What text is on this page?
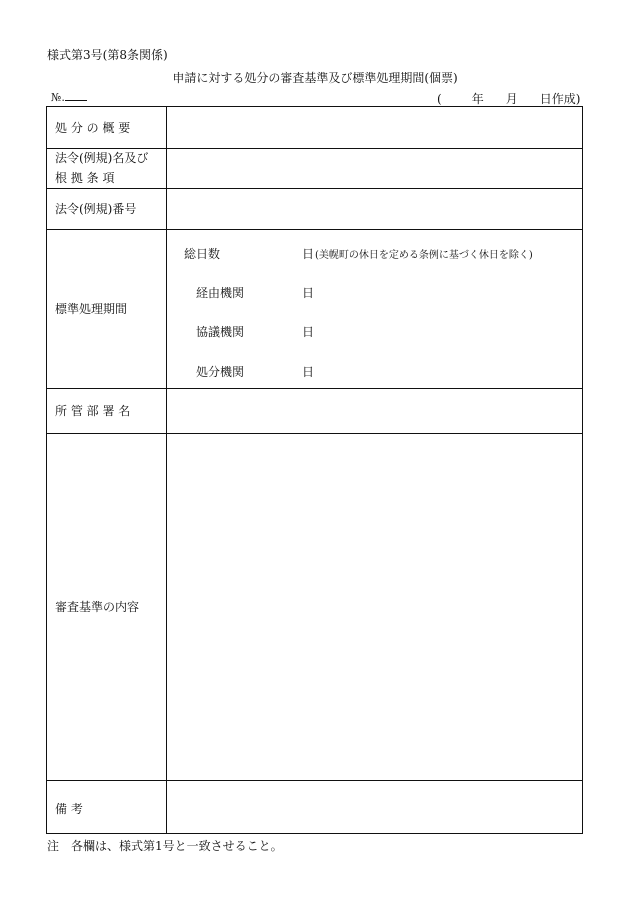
様式第3号(第8条関係)
申請に対する処分の審査基準及び標準処理期間(個票)
№.	(	年 月 日作成)
処 分 の 概 要
法令(例規)名及び
根 拠 条 項
法令(例規)番号
標準処理期間
総日数	日 (美幌町の休日を定める条例に基づく休日を除く)
経由機関	日
協議機関	日
処分機関	日
所 管 部 署 名
審査基準の内容
備 考
注　各欄は、様式第1号と一致させること。
